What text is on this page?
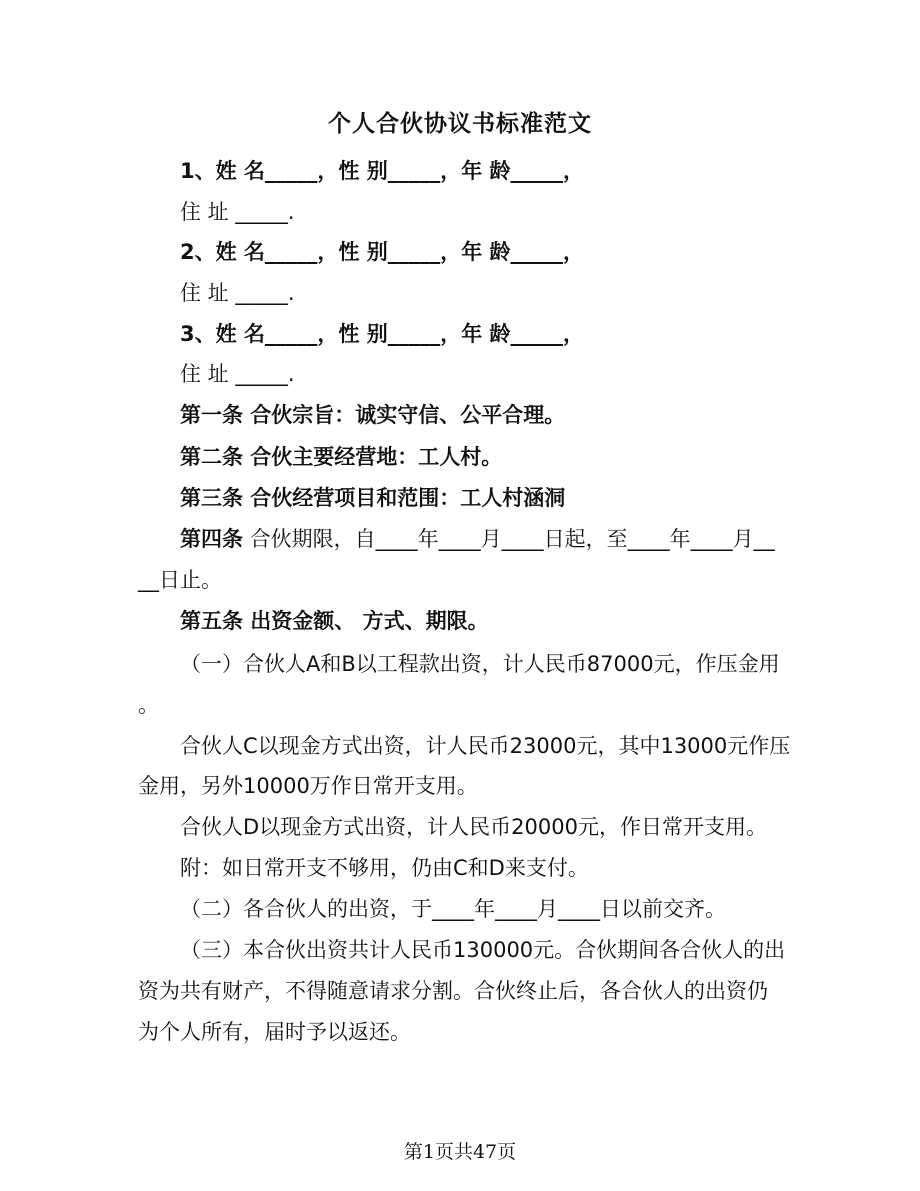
个人合伙协议书标准范文
1、姓 名_____，性 别_____，年 龄_____，
住 址 _____.
2、姓 名_____，性 别_____，年 龄_____，
住 址 _____.
3、姓 名_____，性 别_____，年 龄_____，
住 址 _____.
第一条 合伙宗旨：诚实守信、公平合理。
第二条 合伙主要经营地：工人村。
第三条 合伙经营项目和范围：工人村涵洞
第四条 合伙期限，自____年____月____日起，至____年____月__
__日止。
第五条 出资金额、 方式、期限。
（一）合伙人A和B以工程款出资，计人民币87000元，作压金用
。
合伙人C以现金方式出资，计人民币23000元，其中13000元作压
金用，另外10000万作日常开支用。
合伙人D以现金方式出资，计人民币20000元，作日常开支用。
附：如日常开支不够用，仍由C和D来支付。
（二）各合伙人的出资，于____年____月____日以前交齐。
（三）本合伙出资共计人民币130000元。合伙期间各合伙人的出
资为共有财产，不得随意请求分割。合伙终止后，各合伙人的出资仍
为个人所有，届时予以返还。
第1页共47页
